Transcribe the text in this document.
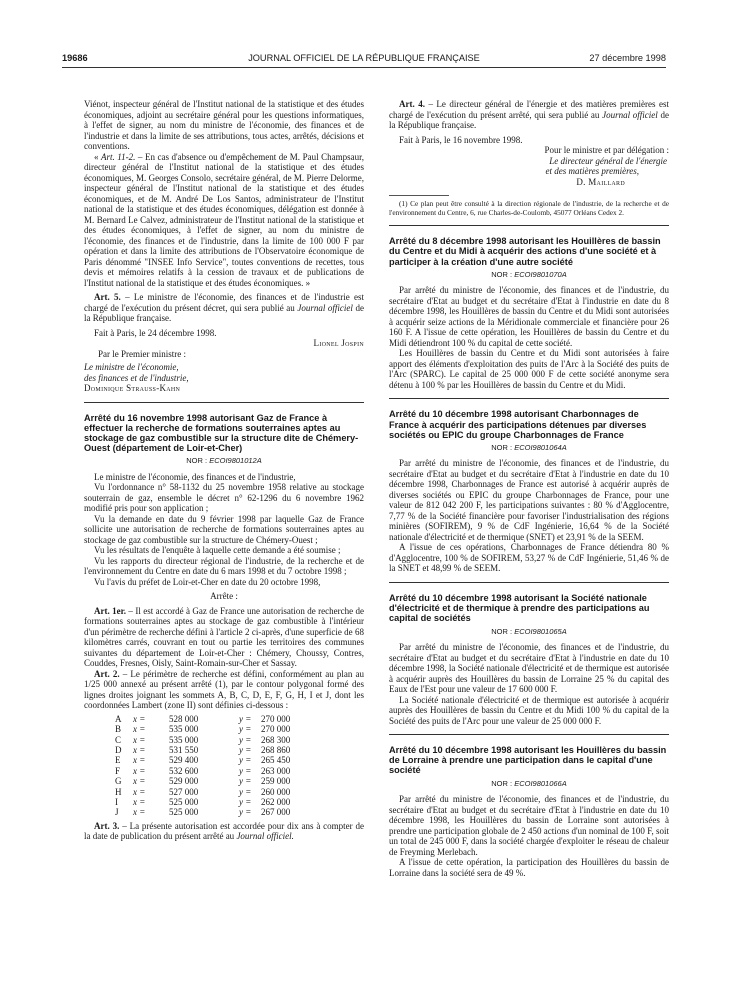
19686	JOURNAL OFFICIEL DE LA RÉPUBLIQUE FRANÇAISE	27 décembre 1998

Viénot, inspecteur général de l'Institut national de la statistique et des études économiques, adjoint au secrétaire général pour les questions informatiques, à l'effet de signer, au nom du ministre de l'économie, des finances et de l'industrie et dans la limite de ses attributions, tous actes, arrêtés, décisions et conventions.

« Art. 11-2. – En cas d'absence ou d'empêchement de M. Paul Champsaur, directeur général de l'Institut national de la statistique et des études économiques, M. Georges Consolo, secrétaire général, de M. Pierre Delorme, inspecteur général de l'Institut national de la statistique et des études économiques, et de M. André De Los Santos, administrateur de l'Institut national de la statistique et des études économiques, délégation est donnée à M. Bernard Le Calvez, administrateur de l'Institut national de la statistique et des études économiques, à l'effet de signer, au nom du ministre de l'économie, des finances et de l'industrie, dans la limite de 100 000 F par opération et dans la limite des attributions de l'Observatoire économique de Paris dénommé "INSEE Info Service", toutes conventions de recettes, tous devis et mémoires relatifs à la cession de travaux et de publications de l'Institut national de la statistique et des études économiques. »

Art. 5. – Le ministre de l'économie, des finances et de l'industrie est chargé de l'exécution du présent décret, qui sera publié au Journal officiel de la République française.

Fait à Paris, le 24 décembre 1998.

Lionel Jospin

Par le Premier ministre :

Le ministre de l'économie,

des finances et de l'industrie,

Dominique Strauss-Kahn

Arrêté du 16 novembre 1998 autorisant Gaz de France à effectuer la recherche de formations souterraines aptes au stockage de gaz combustible sur la structure dite de Chémery-Ouest (département de Loir-et-Cher)
NOR : ECOI9801012A

Le ministre de l'économie, des finances et de l'industrie,

Vu l'ordonnance n° 58-1132 du 25 novembre 1958 relative au stockage souterrain de gaz, ensemble le décret n° 62-1296 du 6 novembre 1962 modifié pris pour son application ;

Vu la demande en date du 9 février 1998 par laquelle Gaz de France sollicite une autorisation de recherche de formations souterraines aptes au stockage de gaz combustible sur la structure de Chémery-Ouest ;

Vu les résultats de l'enquête à laquelle cette demande a été soumise ;

Vu les rapports du directeur régional de l'industrie, de la recherche et de l'environnement du Centre en date du 6 mars 1998 et du 7 octobre 1998 ;

Vu l'avis du préfet de Loir-et-Cher en date du 20 octobre 1998,

Arrête :

Art. 1er. – Il est accordé à Gaz de France une autorisation de recherche de formations souterraines aptes au stockage de gaz combustible à l'intérieur d'un périmètre de recherche défini à l'article 2 ci-après, d'une superficie de 68 kilomètres carrés, couvrant en tout ou partie les territoires des communes suivantes du département de Loir-et-Cher : Chémery, Choussy, Contres, Couddes, Fresnes, Oisly, Saint-Romain-sur-Cher et Sassay.

Art. 2. – Le périmètre de recherche est défini, conformément au plan au 1/25 000 annexé au présent arrêté (1), par le contour polygonal formé des lignes droites joignant les sommets A, B, C, D, E, F, G, H, I et J, dont les coordonnées Lambert (zone II) sont définies ci-dessous :

A	x =	528 000	y =	270 000
B	x =	535 000	y =	270 000
C	x =	535 000	y =	268 300
D	x =	531 550	y =	268 860
E	x =	529 400	y =	265 450
F	x =	532 600	y =	263 000
G	x =	529 000	y =	259 000
H	x =	527 000	y =	260 000
I	x =	525 000	y =	262 000
J	x =	525 000	y =	267 000

Art. 3. – La présente autorisation est accordée pour dix ans à compter de la date de publication du présent arrêté au Journal officiel.

Art. 4. – Le directeur général de l'énergie et des matières premières est chargé de l'exécution du présent arrêté, qui sera publié au Journal officiel de la République française.

Fait à Paris, le 16 novembre 1998.

Pour le ministre et par délégation :

Le directeur général de l'énergie

et des matières premières,

D. Maillard

(1) Ce plan peut être consulté à la direction régionale de l'industrie, de la recherche et de l'environnement du Centre, 6, rue Charles-de-Coulomb, 45077 Orléans Cedex 2.

Arrêté du 8 décembre 1998 autorisant les Houillères de bassin du Centre et du Midi à acquérir des actions d'une société et à participer à la création d'une autre société
NOR : ECOI9801070A

Par arrêté du ministre de l'économie, des finances et de l'industrie, du secrétaire d'Etat au budget et du secrétaire d'Etat à l'industrie en date du 8 décembre 1998, les Houillères de bassin du Centre et du Midi sont autorisées à acquérir seize actions de la Méridionale commerciale et financière pour 26 160 F. A l'issue de cette opération, les Houillères de bassin du Centre et du Midi détiendront 100 % du capital de cette société.

Les Houillères de bassin du Centre et du Midi sont autorisées à faire apport des éléments d'exploitation des puits de l'Arc à la Société des puits de l'Arc (SPARC). Le capital de 25 000 000 F de cette société anonyme sera détenu à 100 % par les Houillères de bassin du Centre et du Midi.

Arrêté du 10 décembre 1998 autorisant Charbonnages de France à acquérir des participations détenues par diverses sociétés ou EPIC du groupe Charbonnages de France
NOR : ECOI9801064A

Par arrêté du ministre de l'économie, des finances et de l'industrie, du secrétaire d'Etat au budget et du secrétaire d'Etat à l'industrie en date du 10 décembre 1998, Charbonnages de France est autorisé à acquérir auprès de diverses sociétés ou EPIC du groupe Charbonnages de France, pour une valeur de 812 042 200 F, les participations suivantes : 80 % d'Agglocentre, 7,77 % de la Société financière pour favoriser l'industrialisation des régions minières (SOFIREM), 9 % de CdF Ingénierie, 16,64 % de la Société nationale d'électricité et de thermique (SNET) et 23,91 % de la SEEM.

A l'issue de ces opérations, Charbonnages de France détiendra 80 % d'Agglocentre, 100 % de SOFIREM, 53,27 % de CdF Ingénierie, 51,46 % de la SNET et 48,99 % de SEEM.

Arrêté du 10 décembre 1998 autorisant la Société nationale d'électricité et de thermique à prendre des participations au capital de sociétés
NOR : ECOI9801065A

Par arrêté du ministre de l'économie, des finances et de l'industrie, du secrétaire d'Etat au budget et du secrétaire d'Etat à l'industrie en date du 10 décembre 1998, la Société nationale d'électricité et de thermique est autorisée à acquérir auprès des Houillères du bassin de Lorraine 25 % du capital des Eaux de l'Est pour une valeur de 17 600 000 F.

La Société nationale d'électricité et de thermique est autorisée à acquérir auprès des Houillères de bassin du Centre et du Midi 100 % du capital de la Société des puits de l'Arc pour une valeur de 25 000 000 F.

Arrêté du 10 décembre 1998 autorisant les Houillères du bassin de Lorraine à prendre une participation dans le capital d'une société
NOR : ECOI9801066A

Par arrêté du ministre de l'économie, des finances et de l'industrie, du secrétaire d'Etat au budget et du secrétaire d'Etat à l'industrie en date du 10 décembre 1998, les Houillères du bassin de Lorraine sont autorisées à prendre une participation globale de 2 450 actions d'un nominal de 100 F, soit un total de 245 000 F, dans la société chargée d'exploiter le réseau de chaleur de Freyming Merlebach.

A l'issue de cette opération, la participation des Houillères du bassin de Lorraine dans la société sera de 49 %.
